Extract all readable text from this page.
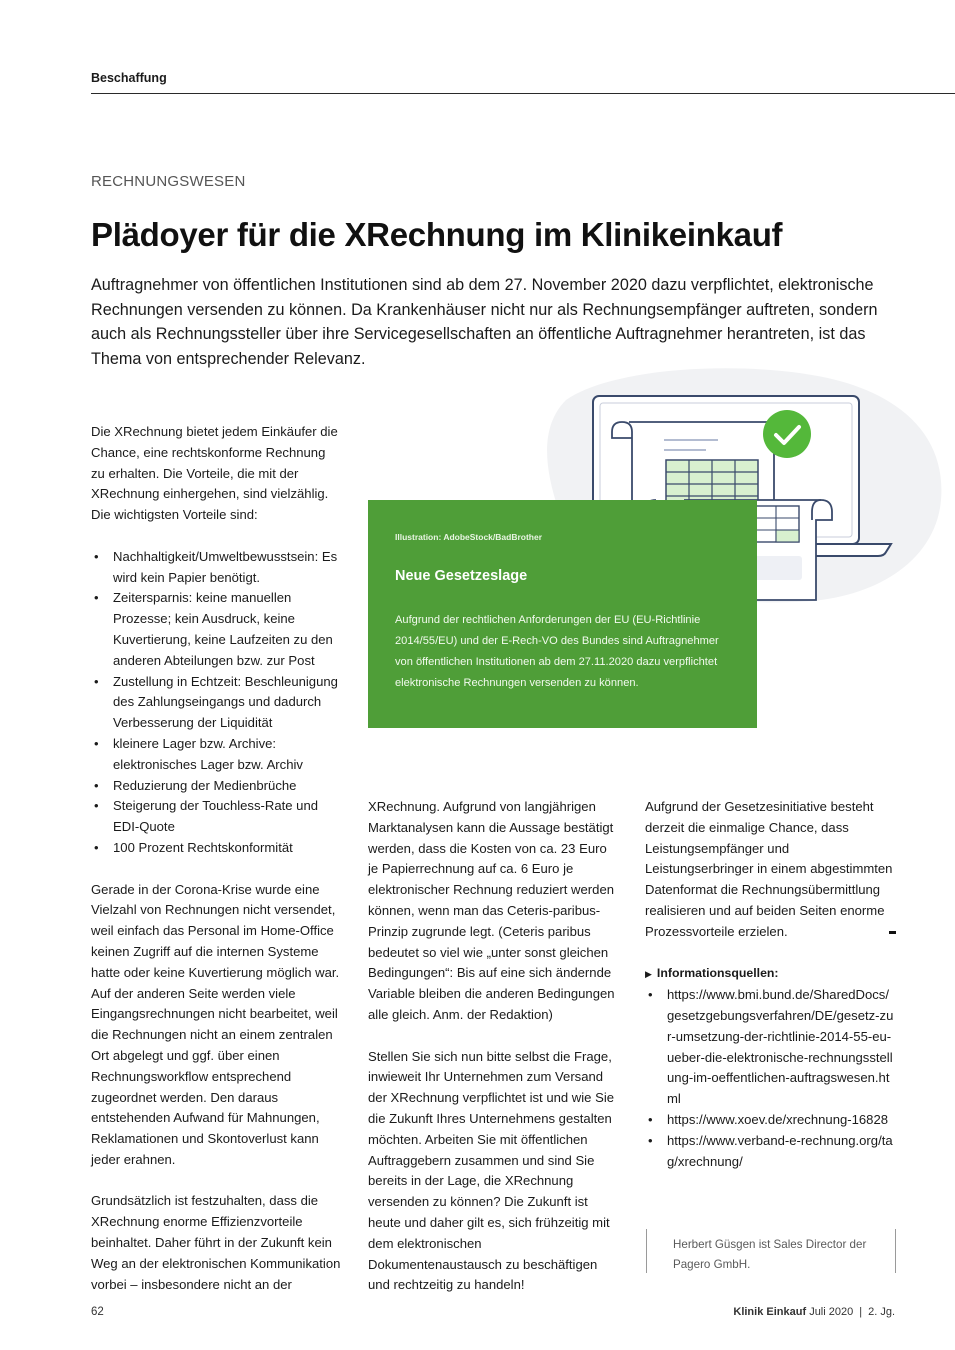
Beschaffung
RECHNUNGSWESEN
Plädoyer für die XRechnung im Klinikeinkauf

Auftragnehmer von öffentlichen Institutionen sind ab dem 27. November 2020 dazu verpflichtet, elektronische Rechnungen versenden zu können. Da Krankenhäuser nicht nur als Rechnungsempfänger auftreten, sondern auch als Rechnungssteller über ihre Servicegesellschaften an öffentliche Auftragnehmer herantreten, ist das Thema von entsprechender Relevanz.

Illustration: AdobeStock/BadBrother
Neue Gesetzeslage

Aufgrund der rechtlichen Anforderungen der EU (EU-Richtlinie 2014/55/EU) und der E-Rech-VO des Bundes sind Auftragnehmer von öffentlichen Institutionen ab dem 27.11.2020 dazu verpflichtet elektronische Rechnungen versenden zu können.

Die XRechnung bietet jedem Einkäufer die Chance, eine rechtskonforme Rechnung zu erhalten. Die Vorteile, die mit der XRechnung einhergehen, sind vielzählig. Die wichtigsten Vorteile sind:

• Nachhaltigkeit/Umweltbewusstsein: Es wird kein Papier benötigt.
• Zeitersparnis: keine manuellen Prozesse; kein Ausdruck, keine Kuvertierung, keine Laufzeiten zu den anderen Abteilungen bzw. zur Post
• Zustellung in Echtzeit: Beschleunigung des Zahlungseingangs und dadurch Verbesserung der Liquidität
• kleinere Lager bzw. Archive: elektronisches Lager bzw. Archiv
• Reduzierung der Medienbrüche
• Steigerung der Touchless-Rate und EDI-Quote
• 100 Prozent Rechtskonformität

Gerade in der Corona-Krise wurde eine Vielzahl von Rechnungen nicht versendet, weil einfach das Personal im Home-Office keinen Zugriff auf die internen Systeme hatte oder keine Kuvertierung möglich war. Auf der anderen Seite werden viele Eingangsrechnungen nicht bearbeitet, weil die Rechnungen nicht an einem zentralen Ort abgelegt und ggf. über einen Rechnungsworkflow entsprechend zugeordnet werden. Den daraus entstehenden Aufwand für Mahnungen, Reklamationen und Skontoverlust kann jeder erahnen.

Grundsätzlich ist festzuhalten, dass die XRechnung enorme Effizienzvorteile beinhaltet. Daher führt in der Zukunft kein Weg an der elektronischen Kommunikation vorbei – insbesondere nicht an der

XRechnung. Aufgrund von langjährigen Marktanalysen kann die Aussage bestätigt werden, dass die Kosten von ca. 23 Euro je Papierrechnung auf ca. 6 Euro je elektronischer Rechnung reduziert werden können, wenn man das Ceteris-paribus-Prinzip zugrunde legt. (Ceteris paribus bedeutet so viel wie „unter sonst gleichen Bedingungen“: Bis auf eine sich ändernde Variable bleiben die anderen Bedingungen alle gleich. Anm. der Redaktion)

Stellen Sie sich nun bitte selbst die Frage, inwieweit Ihr Unternehmen zum Versand der XRechnung verpflichtet ist und wie Sie die Zukunft Ihres Unternehmens gestalten möchten. Arbeiten Sie mit öffentlichen Auftraggebern zusammen und sind Sie bereits in der Lage, die XRechnung versenden zu können? Die Zukunft ist heute und daher gilt es, sich frühzeitig mit dem elektronischen Dokumentenaustausch zu beschäftigen und rechtzeitig zu handeln!

Aufgrund der Gesetzesinitiative besteht derzeit die einmalige Chance, dass Leistungsempfänger und Leistungserbringer in einem abgestimmten Datenformat die Rechnungsübermittlung realisieren und auf beiden Seiten enorme Prozessvorteile erzielen.

▶ Informationsquellen:
• https://www.bmi.bund.de/SharedDocs/gesetzgebungsverfahren/DE/gesetz-zur-umsetzung-der-richtlinie-2014-55-eu-ueber-die-elektronische-rechnungsstellung-im-oeffentlichen-auftragswesen.html
• https://www.xoev.de/xrechnung-16828
• https://www.verband-e-rechnung.org/tag/xrechnung/

Herbert Güsgen ist Sales Director der Pagero GmbH.

62	Klinik Einkauf Juli 2020 | 2. Jg.
